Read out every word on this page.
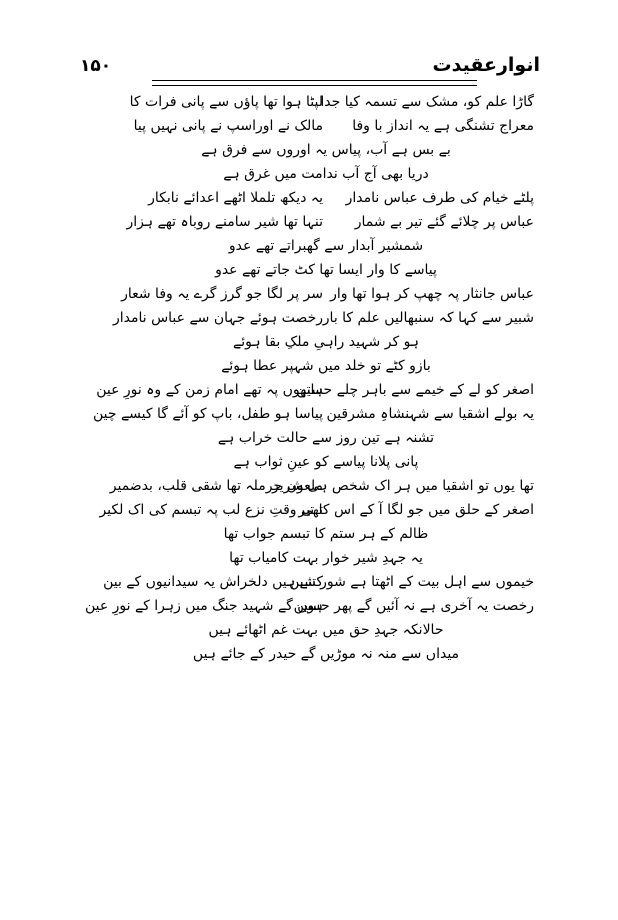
۱۵۰	انوارعقیدت
گاڑا علم کو، مشک سے تسمہ کیا جدا
لپٹا ہوا تھا پاؤں سے پانی فرات کا
معراج تشنگی ہے یہ انداز با وفا
مالک نے اوراسپ نے پانی نہیں پیا
بے بس ہے آب، پیاس یہ اوروں سے فرق ہے
دریا بھی آج آب ندامت میں غرق ہے
پلٹے خیام کی طرف عباس نامدار
یہ دیکھ تلملا اٹھے اعدائے نابکار
عباس پر چلائے گئے تیر بے شمار
تنہا تھا شیر سامنے روباہ تھے ہزار
شمشیر آبدار سے گھبراتے تھے عدو
پیاسے کا وار ایسا تھا کٹ جاتے تھے عدو
عباس جانثار پہ چھپ کر ہوا تھا وار
سر پر لگا جو گرز گرے یہ وفا شعار
شبیر سے کہا کہ سنبھالیں علم کا بار
رخصت ہوئے جہان سے عباس نامدار
ہو کر شہید راہیِ ملکِ بقا ہوئے
بازو کٹے تو خلد میں شہپر عطا ہوئے
اصغر کو لے کے خیمے سے باہر چلے حسین
ہاتھوں پہ تھے امام زمن کے وہ نورِ عین
یہ بولے اشقیا سے شہنشاہِ مشرقین
پیاسا ہو طفل، باپ کو آئے گا کیسے چین
تشنہ ہے تین روز سے حالت خراب ہے
پانی پلانا پیاسے کو عینِ ثواب ہے
تھا یوں تو اشقیا میں ہر اک شخص ہی شریر
ملعون حرملہ تھا شقی قلب، بدضمیر
اصغر کے حلق میں جو لگا آ کے اس کا تیر
تھی وقتِ نزع لب پہ تبسم کی اک لکیر
ظالم کے ہر ستم کا تبسم جواب تھا
یہ جہدِ شیر خوار بہت کامیاب تھا
خیموں سے اہل بیت کے اٹھتا ہے شور شین
کتنے ہیں دلخراش یہ سیدانیوں کے بین
رخصت یہ آخری ہے نہ آئیں گے پھر حسین
ہوں گے شہید جنگ میں زہرا کے نورِ عین
حالانکہ جہدِ حق میں بہت غم اٹھائے ہیں
میداں سے منہ نہ موڑیں گے حیدر کے جائے ہیں
